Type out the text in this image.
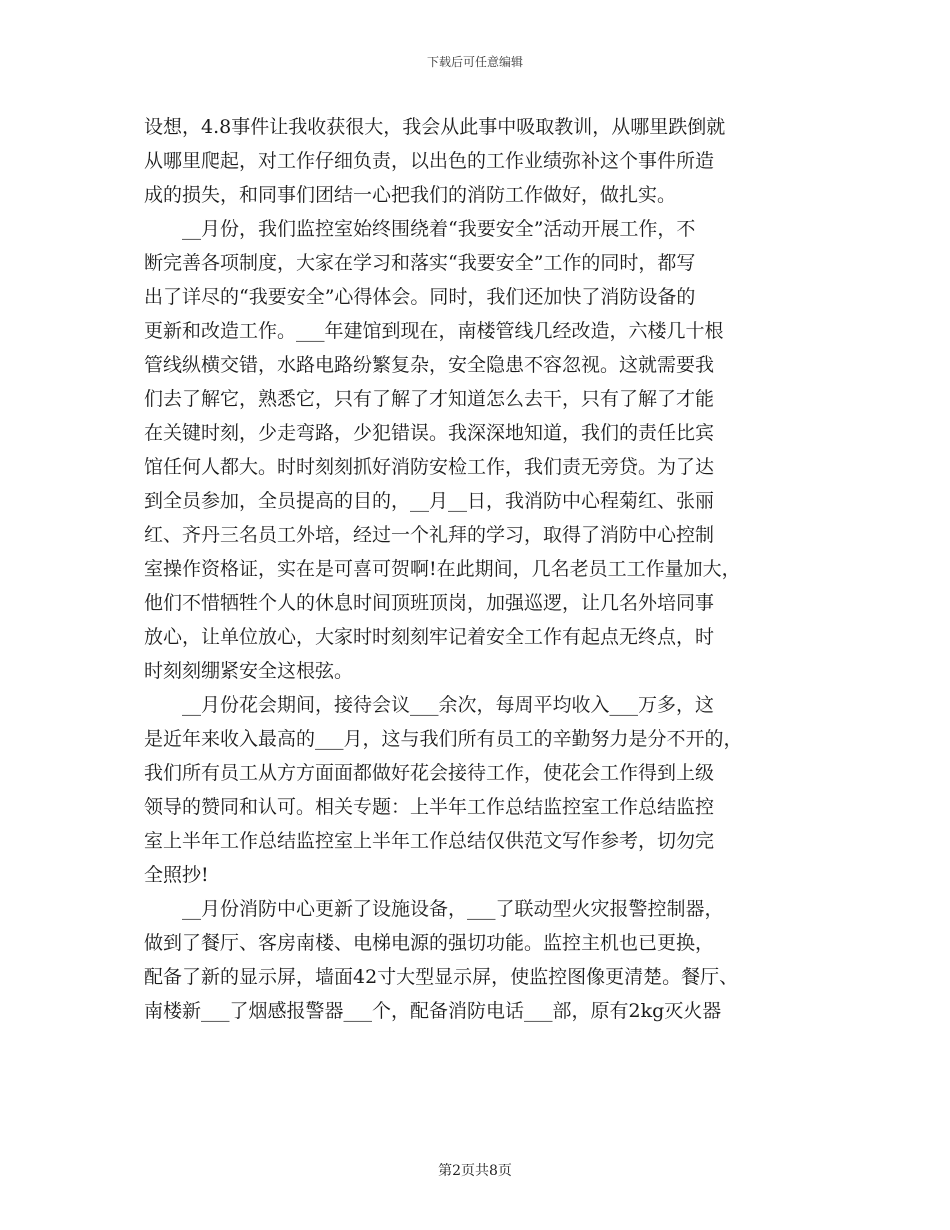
下载后可任意编辑
设想，4.8事件让我收获很大，我会从此事中吸取教训，从哪里跌倒就
从哪里爬起，对工作仔细负责，以出色的工作业绩弥补这个事件所造
成的损失，和同事们团结一心把我们的消防工作做好，做扎实。
__月份，我们监控室始终围绕着“我要安全”活动开展工作，不
断完善各项制度，大家在学习和落实“我要安全”工作的同时，都写
出了详尽的“我要安全”心得体会。同时，我们还加快了消防设备的
更新和改造工作。___年建馆到现在，南楼管线几经改造，六楼几十根
管线纵横交错，水路电路纷繁复杂，安全隐患不容忽视。这就需要我
们去了解它，熟悉它，只有了解了才知道怎么去干，只有了解了才能
在关键时刻，少走弯路，少犯错误。我深深地知道，我们的责任比宾
馆任何人都大。时时刻刻抓好消防安检工作，我们责无旁贷。为了达
到全员参加，全员提高的目的，__月__日，我消防中心程菊红、张丽
红、齐丹三名员工外培，经过一个礼拜的学习，取得了消防中心控制
室操作资格证，实在是可喜可贺啊!在此期间，几名老员工工作量加大，
他们不惜牺牲个人的休息时间顶班顶岗，加强巡逻，让几名外培同事
放心，让单位放心，大家时时刻刻牢记着安全工作有起点无终点，时
时刻刻绷紧安全这根弦。
__月份花会期间，接待会议___余次，每周平均收入___万多，这
是近年来收入最高的___月，这与我们所有员工的辛勤努力是分不开的，
我们所有员工从方方面面都做好花会接待工作，使花会工作得到上级
领导的赞同和认可。相关专题：上半年工作总结监控室工作总结监控
室上半年工作总结监控室上半年工作总结仅供范文写作参考，切勿完
全照抄!
__月份消防中心更新了设施设备，___了联动型火灾报警控制器，
做到了餐厅、客房南楼、电梯电源的强切功能。监控主机也已更换，
配备了新的显示屏，墙面42寸大型显示屏，使监控图像更清楚。餐厅、
南楼新___了烟感报警器___个，配备消防电话___部，原有2kg灭火器
第2页共8页
